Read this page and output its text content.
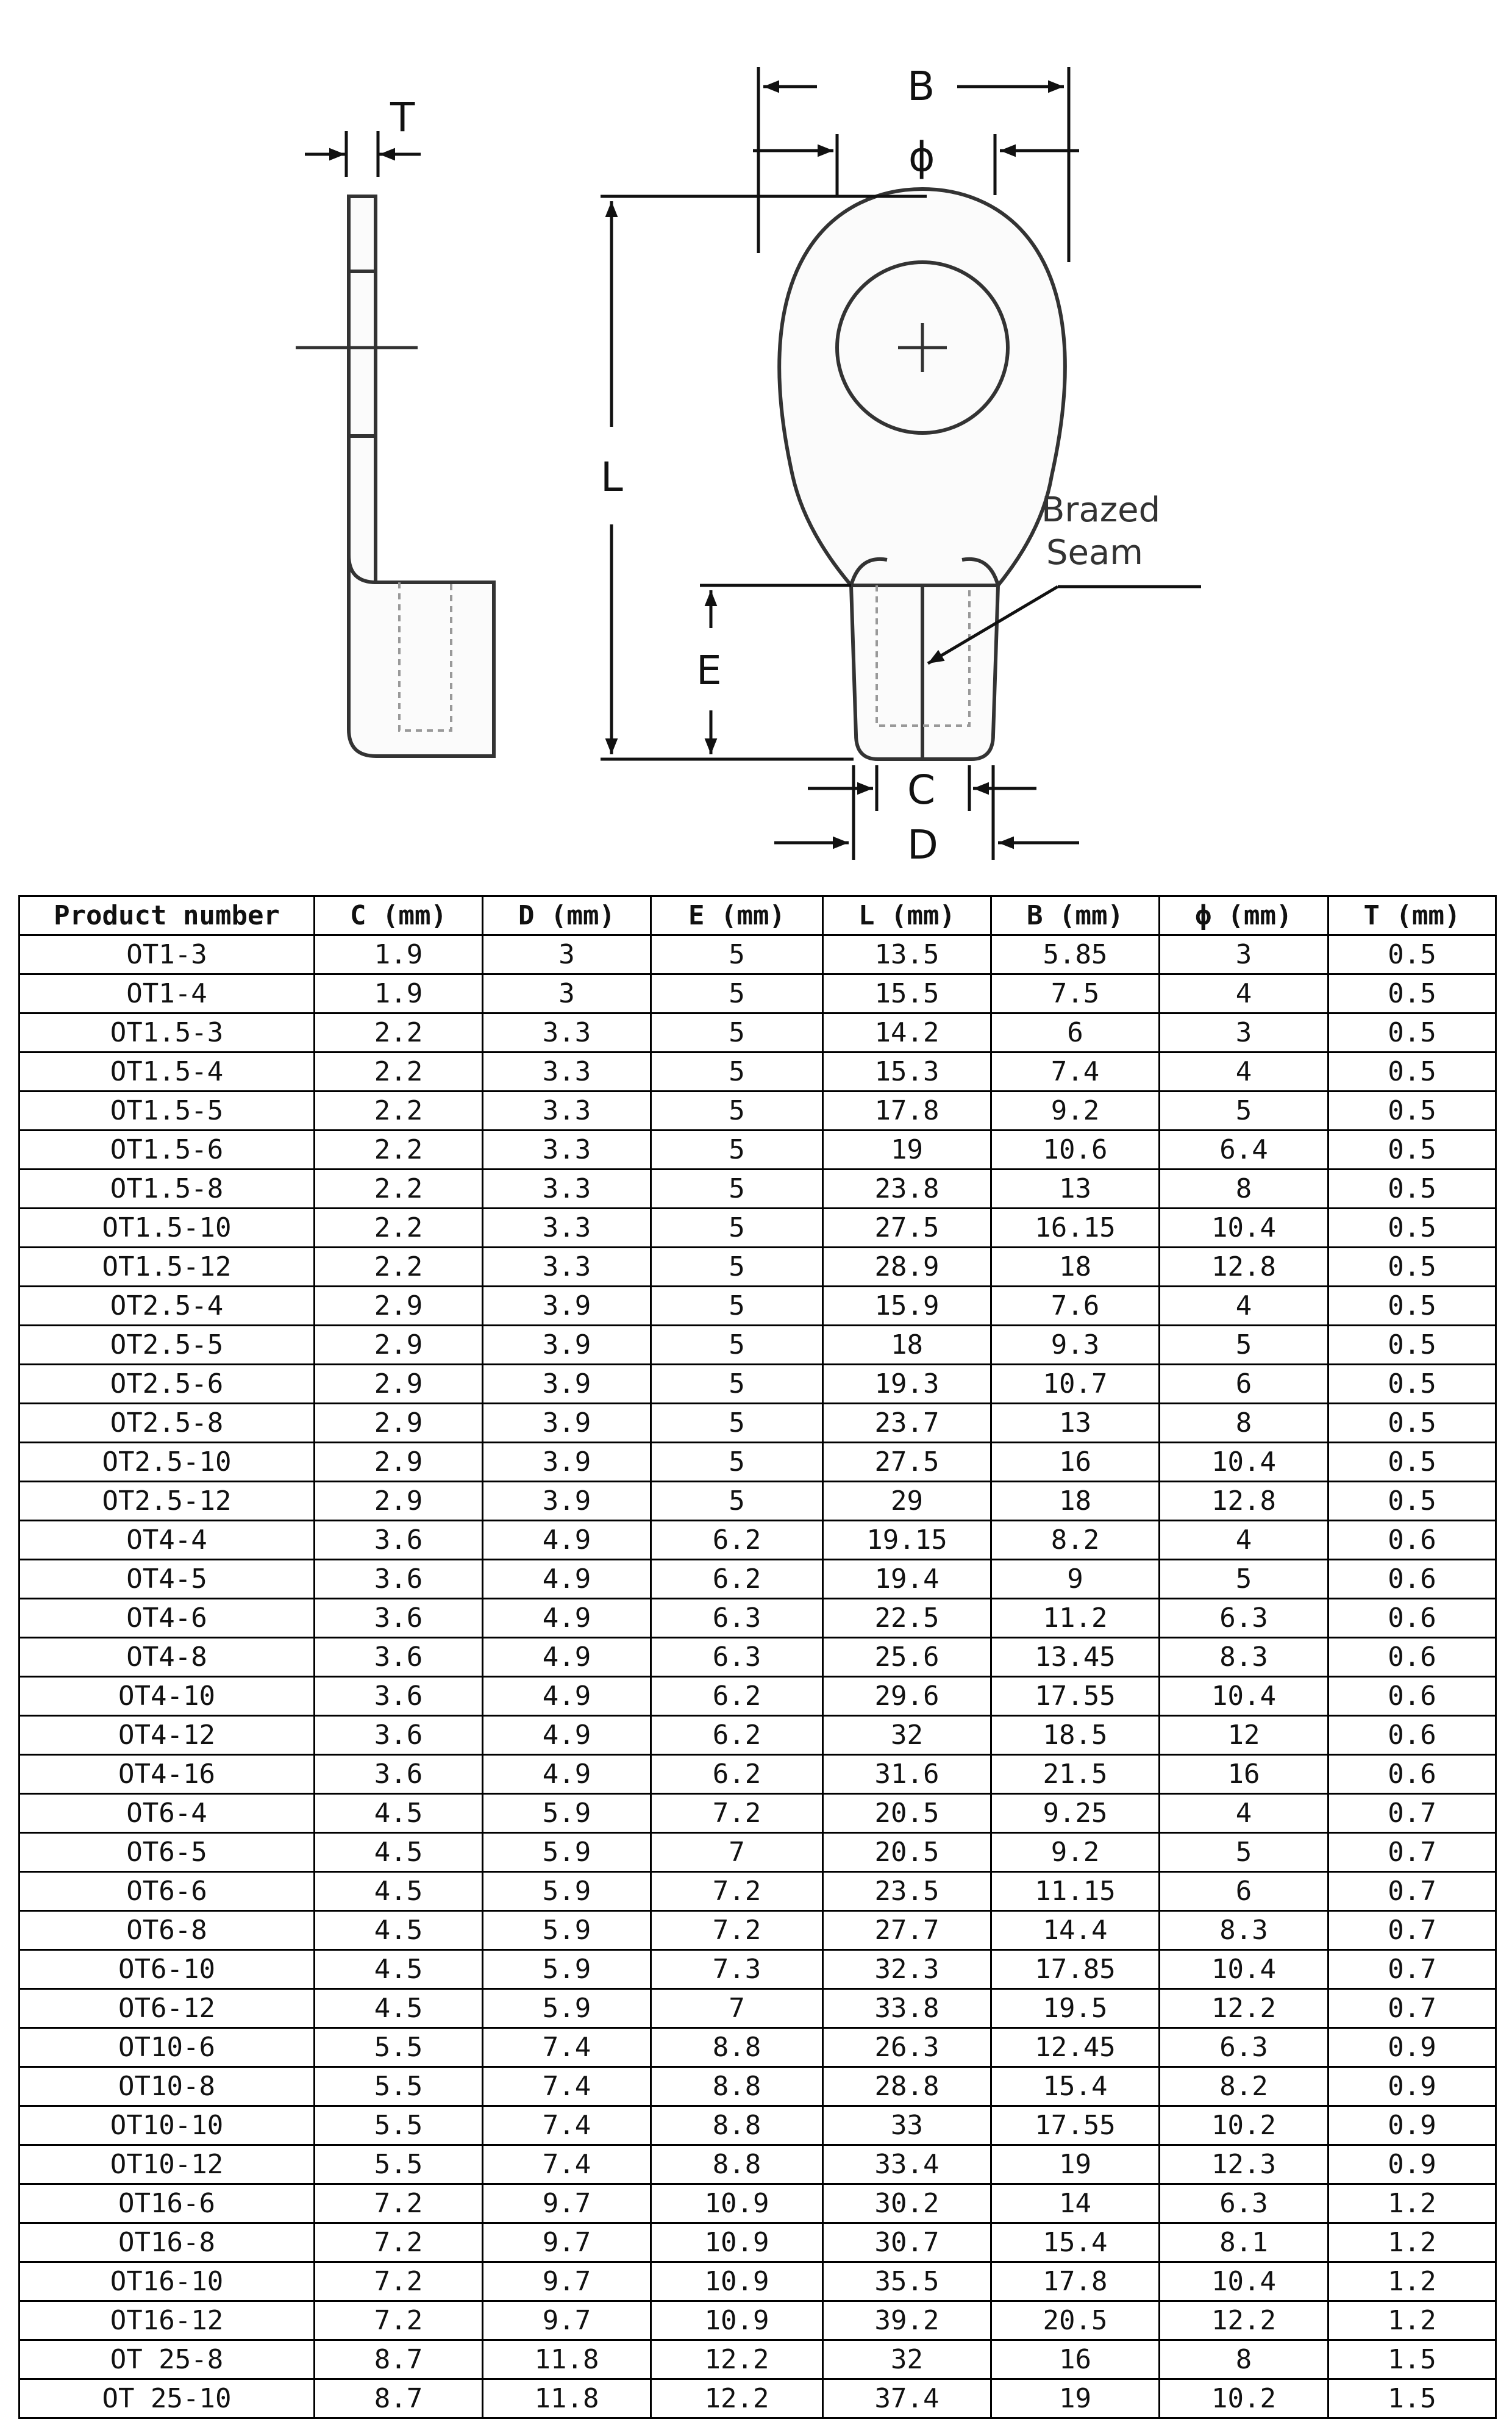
T
B
ϕ
L
E
C
D
Brazed
Seam
Product number	C (mm)	D (mm)	E (mm)	L (mm)	B (mm)	ϕ (mm)	T (mm)
OT1-3	1.9	3	5	13.5	5.85	3	0.5
OT1-4	1.9	3	5	15.5	7.5	4	0.5
OT1.5-3	2.2	3.3	5	14.2	6	3	0.5
OT1.5-4	2.2	3.3	5	15.3	7.4	4	0.5
OT1.5-5	2.2	3.3	5	17.8	9.2	5	0.5
OT1.5-6	2.2	3.3	5	19	10.6	6.4	0.5
OT1.5-8	2.2	3.3	5	23.8	13	8	0.5
OT1.5-10	2.2	3.3	5	27.5	16.15	10.4	0.5
OT1.5-12	2.2	3.3	5	28.9	18	12.8	0.5
OT2.5-4	2.9	3.9	5	15.9	7.6	4	0.5
OT2.5-5	2.9	3.9	5	18	9.3	5	0.5
OT2.5-6	2.9	3.9	5	19.3	10.7	6	0.5
OT2.5-8	2.9	3.9	5	23.7	13	8	0.5
OT2.5-10	2.9	3.9	5	27.5	16	10.4	0.5
OT2.5-12	2.9	3.9	5	29	18	12.8	0.5
OT4-4	3.6	4.9	6.2	19.15	8.2	4	0.6
OT4-5	3.6	4.9	6.2	19.4	9	5	0.6
OT4-6	3.6	4.9	6.3	22.5	11.2	6.3	0.6
OT4-8	3.6	4.9	6.3	25.6	13.45	8.3	0.6
OT4-10	3.6	4.9	6.2	29.6	17.55	10.4	0.6
OT4-12	3.6	4.9	6.2	32	18.5	12	0.6
OT4-16	3.6	4.9	6.2	31.6	21.5	16	0.6
OT6-4	4.5	5.9	7.2	20.5	9.25	4	0.7
OT6-5	4.5	5.9	7	20.5	9.2	5	0.7
OT6-6	4.5	5.9	7.2	23.5	11.15	6	0.7
OT6-8	4.5	5.9	7.2	27.7	14.4	8.3	0.7
OT6-10	4.5	5.9	7.3	32.3	17.85	10.4	0.7
OT6-12	4.5	5.9	7	33.8	19.5	12.2	0.7
OT10-6	5.5	7.4	8.8	26.3	12.45	6.3	0.9
OT10-8	5.5	7.4	8.8	28.8	15.4	8.2	0.9
OT10-10	5.5	7.4	8.8	33	17.55	10.2	0.9
OT10-12	5.5	7.4	8.8	33.4	19	12.3	0.9
OT16-6	7.2	9.7	10.9	30.2	14	6.3	1.2
OT16-8	7.2	9.7	10.9	30.7	15.4	8.1	1.2
OT16-10	7.2	9.7	10.9	35.5	17.8	10.4	1.2
OT16-12	7.2	9.7	10.9	39.2	20.5	12.2	1.2
OT 25-8	8.7	11.8	12.2	32	16	8	1.5
OT 25-10	8.7	11.8	12.2	37.4	19	10.2	1.5
